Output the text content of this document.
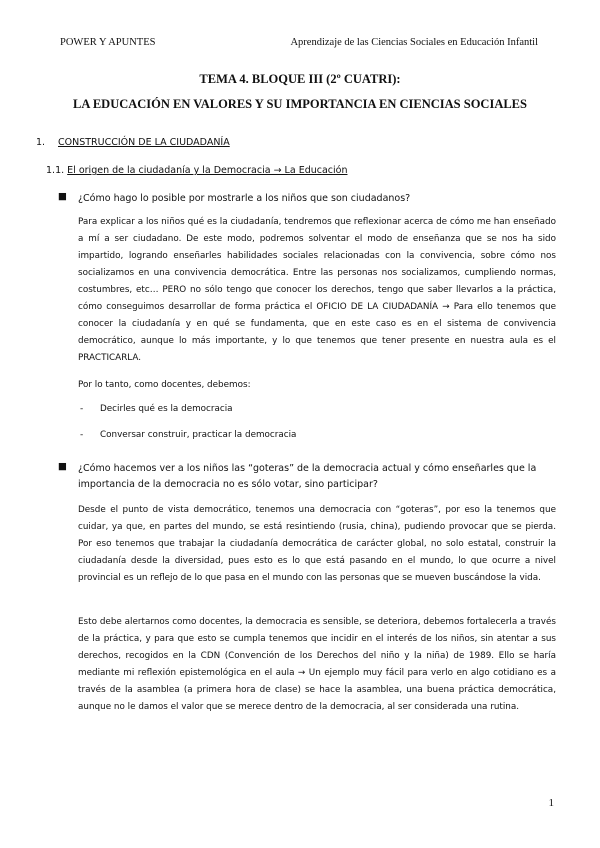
POWER Y APUNTES	Aprendizaje de las Ciencias Sociales en Educación Infantil
TEMA 4. BLOQUE III (2º CUATRI):
LA EDUCACIÓN EN VALORES Y SU IMPORTANCIA EN CIENCIAS SOCIALES
1. CONSTRUCCIÓN DE LA CIUDADANÍA
1.1. El origen de la ciudadanía y la Democracia → La Educación
■ ¿Cómo hago lo posible por mostrarle a los niños que son ciudadanos?

Para explicar a los niños qué es la ciudadanía, tendremos que reflexionar acerca de cómo me han enseñado a mí a ser ciudadano. De este modo, podremos solventar el modo de enseñanza que se nos ha sido impartido, logrando enseñarles habilidades sociales relacionadas con la convivencia, sobre cómo nos socializamos en una convivencia democrática. Entre las personas nos socializamos, cumpliendo normas, costumbres, etc… PERO no sólo tengo que conocer los derechos, tengo que saber llevarlos a la práctica, cómo conseguimos desarrollar de forma práctica el OFICIO DE LA CIUDADANÍA → Para ello tenemos que conocer la ciudadanía y en qué se fundamenta, que en este caso es en el sistema de convivencia democrático, aunque lo más importante, y lo que tenemos que tener presente en nuestra aula es el PRACTICARLA.

Por lo tanto, como docentes, debemos:

- Decirles qué es la democracia
- Conversar construir, practicar la democracia
■ ¿Cómo hacemos ver a los niños las “goteras” de la democracia actual y cómo enseñarles que la importancia de la democracia no es sólo votar, sino participar?

Desde el punto de vista democrático, tenemos una democracia con “goteras”, por eso la tenemos que cuidar, ya que, en partes del mundo, se está resintiendo (rusia, china), pudiendo provocar que se pierda. Por eso tenemos que trabajar la ciudadanía democrática de carácter global, no solo estatal, construir la ciudadanía desde la diversidad, pues esto es lo que está pasando en el mundo, lo que ocurre a nivel provincial es un reflejo de lo que pasa en el mundo con las personas que se mueven buscándose la vida.

Esto debe alertarnos como docentes, la democracia es sensible, se deteriora, debemos fortalecerla a través de la práctica, y para que esto se cumpla tenemos que incidir en el interés de los niños, sin atentar a sus derechos, recogidos en la CDN (Convención de los Derechos del niño y la niña) de 1989. Ello se haría mediante mi reflexión epistemológica en el aula → Un ejemplo muy fácil para verlo en algo cotidiano es a través de la asamblea (a primera hora de clase) se hace la asamblea, una buena práctica democrática, aunque no le damos el valor que se merece dentro de la democracia, al ser considerada una rutina.

1
